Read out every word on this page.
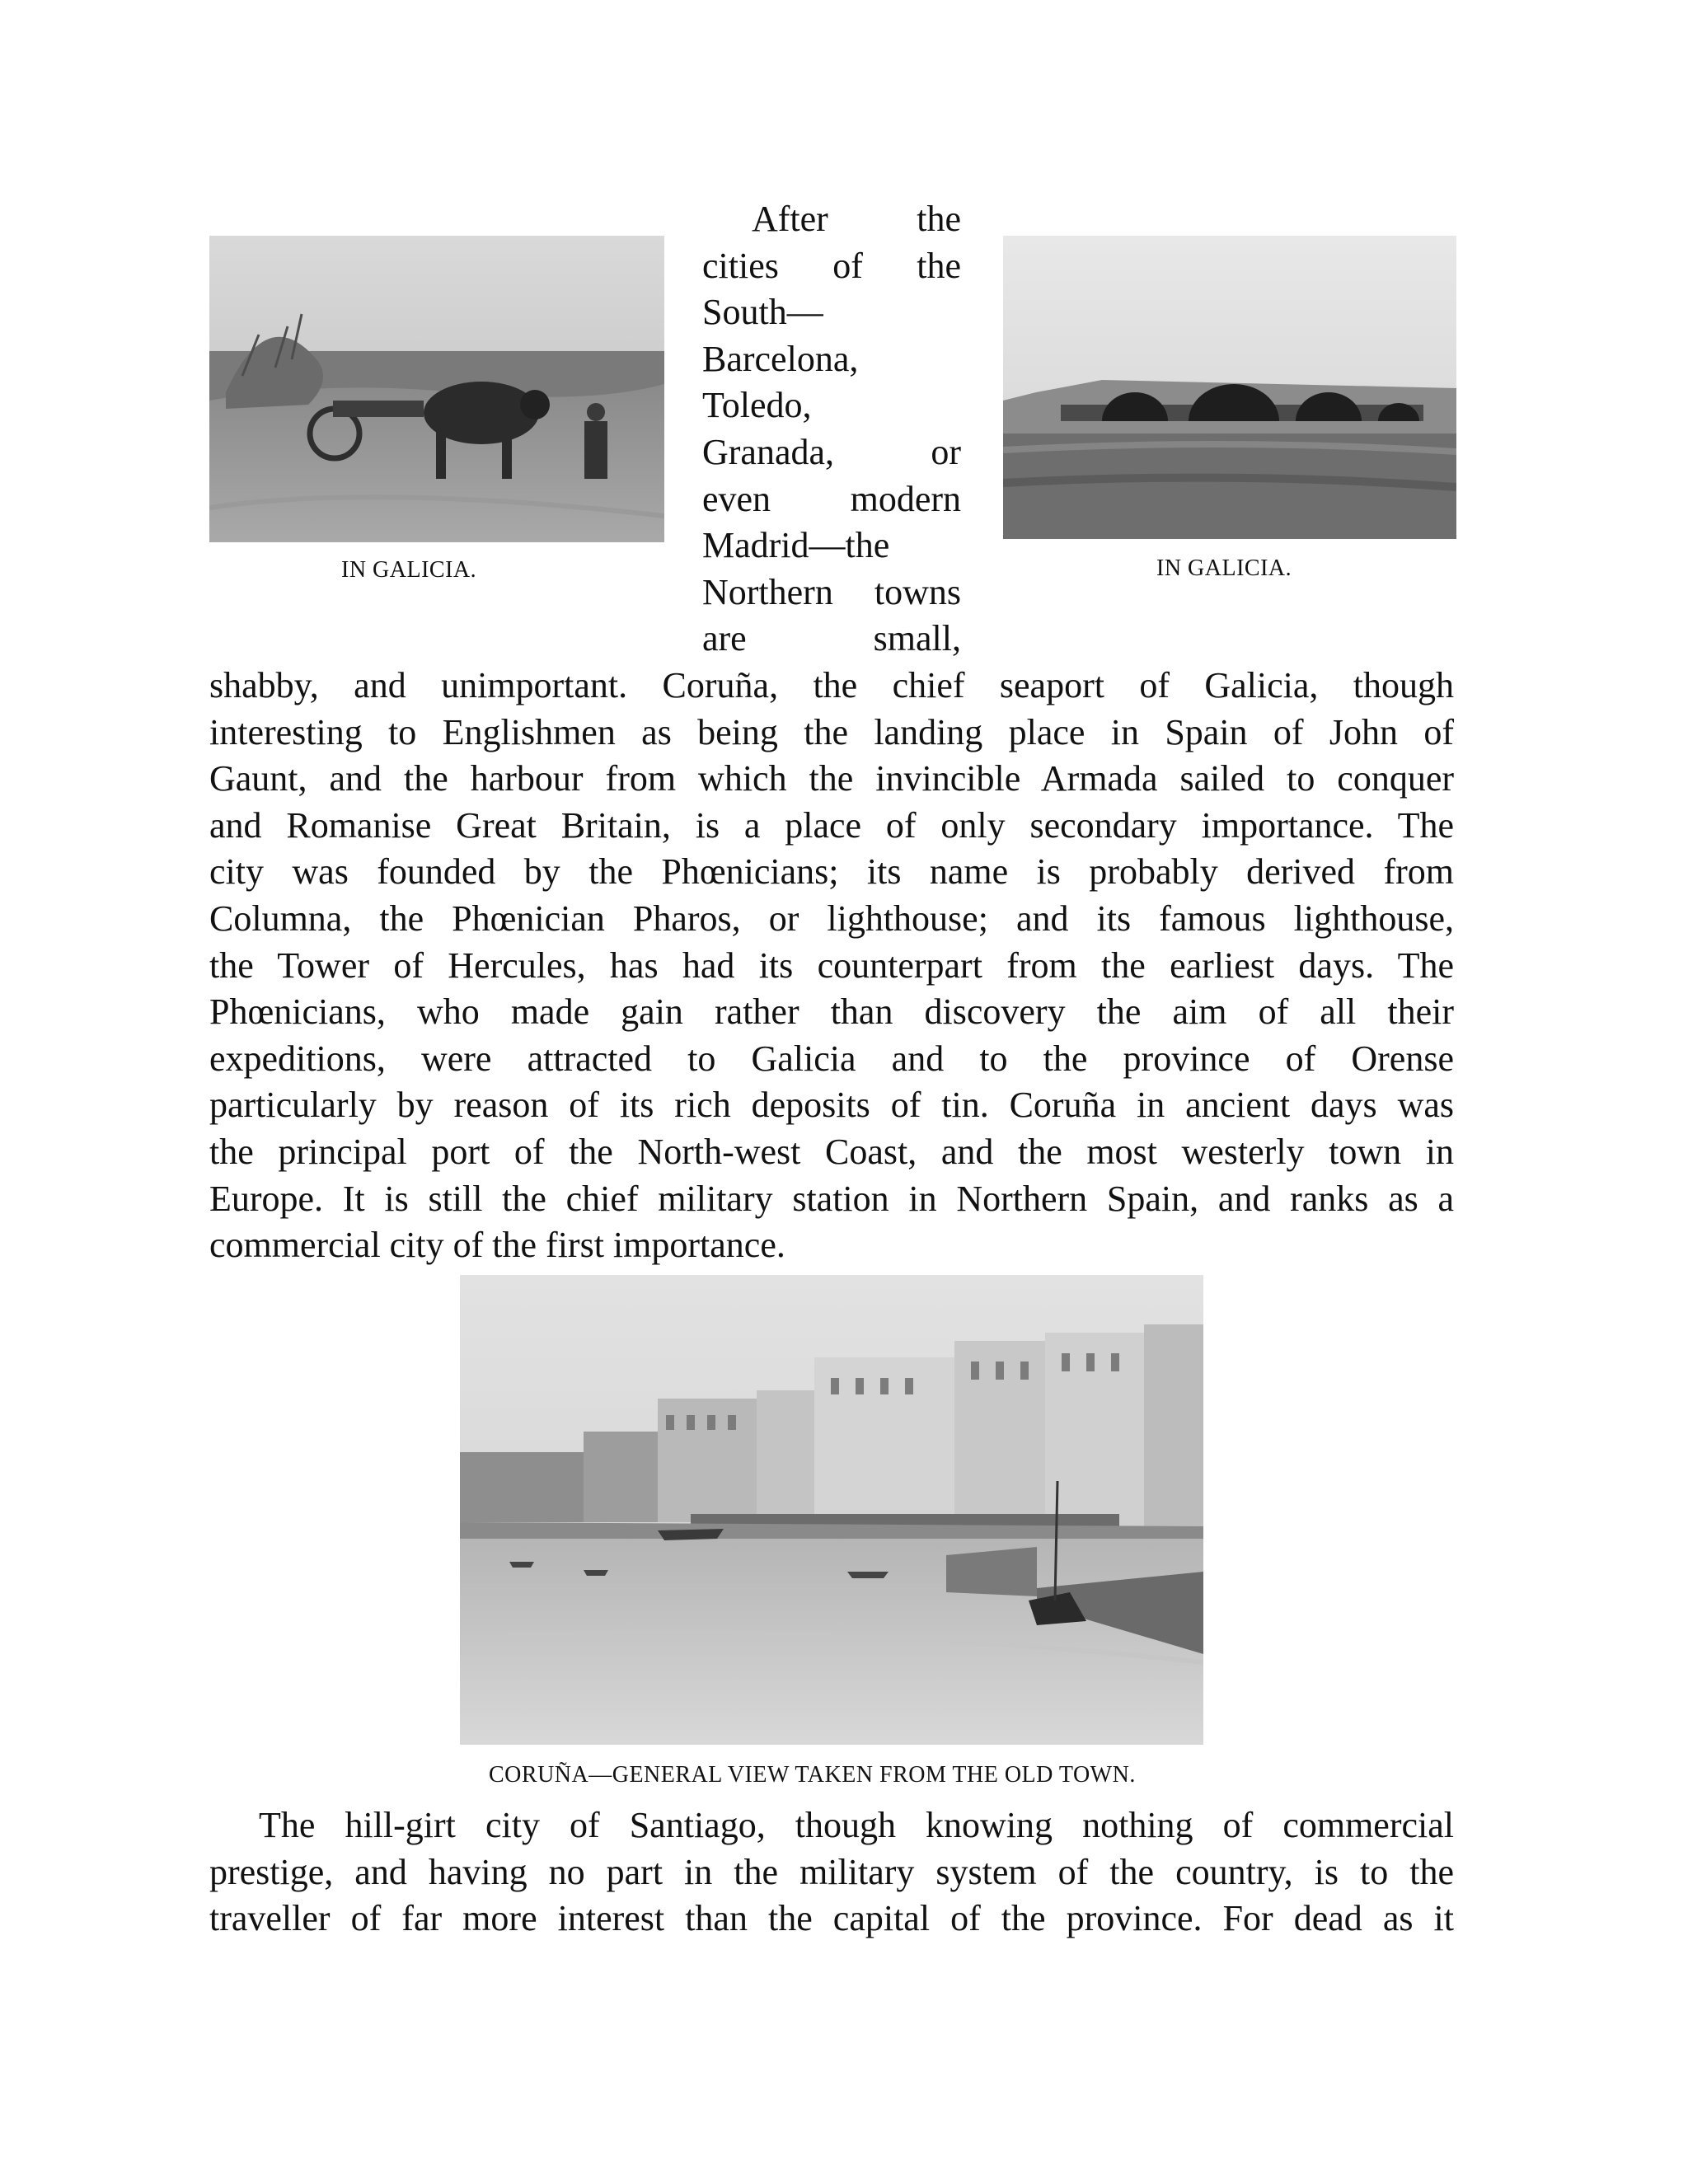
IN GALICIA.	IN GALICIA.
After the
cities of the
South—
Barcelona,
Toledo,
Granada, or
even modern
Madrid—the
Northern towns
are small,
shabby, and unimportant. Coruña, the chief seaport of Galicia, though
interesting to Englishmen as being the landing place in Spain of John of
Gaunt, and the harbour from which the invincible Armada sailed to conquer
and Romanise Great Britain, is a place of only secondary importance. The
city was founded by the Phœnicians; its name is probably derived from
Columna, the Phœnician Pharos, or lighthouse; and its famous lighthouse,
the Tower of Hercules, has had its counterpart from the earliest days. The
Phœnicians, who made gain rather than discovery the aim of all their
expeditions, were attracted to Galicia and to the province of Orense
particularly by reason of its rich deposits of tin. Coruña in ancient days was
the principal port of the North-west Coast, and the most westerly town in
Europe. It is still the chief military station in Northern Spain, and ranks as a
commercial city of the first importance.
CORUÑA—GENERAL VIEW TAKEN FROM THE OLD TOWN.
The hill-girt city of Santiago, though knowing nothing of commercial
prestige, and having no part in the military system of the country, is to the
traveller of far more interest than the capital of the province. For dead as it
